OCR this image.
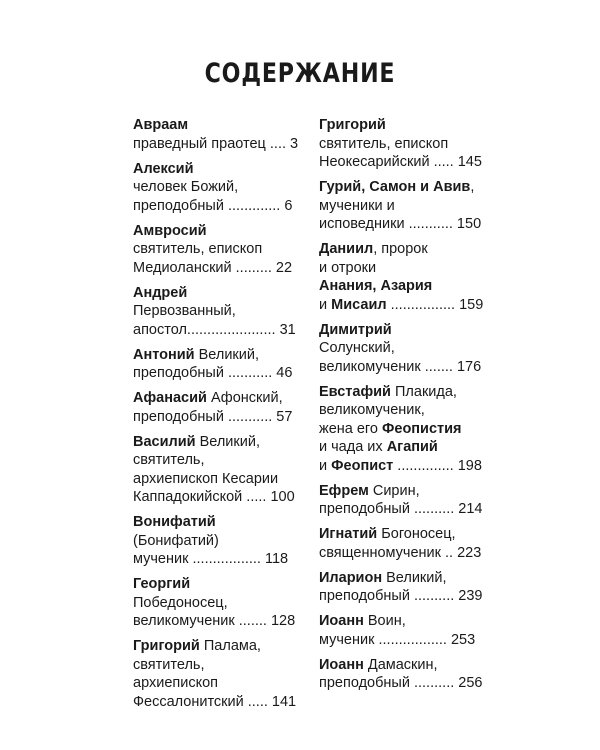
СОДЕРЖАНИЕ
Авраам
праведный праотец .... 3
Алексий
человек Божий,
преподобный ............. 6
Амвросий
святитель, епископ
Медиоланский ......... 22
Андрей
Первозванный,
апостол...................... 31
Антоний Великий,
преподобный ........... 46
Афанасий Афонский,
преподобный ........... 57
Василий Великий,
святитель,
архиепископ Кесарии
Каппадокийской ..... 100
Вонифатий
(Бонифатий)
мученик ................. 118
Георгий
Победоносец,
великомученик ....... 128
Григорий Палама,
святитель,
архиепископ
Фессалонитский ..... 141
Григорий
святитель, епископ
Неокесарийский ..... 145
Гурий, Самон и Авив,
мученики и
исповедники ........... 150
Даниил, пророк
и отроки
Анания, Азария
и Мисаил ................ 159
Димитрий
Солунский,
великомученик ....... 176
Евстафий Плакида,
великомученик,
жена его Феопистия
и чада их Агапий
и Феопист .............. 198
Ефрем Сирин,
преподобный .......... 214
Игнатий Богоносец,
священномученик .. 223
Иларион Великий,
преподобный .......... 239
Иоанн Воин,
мученик ................. 253
Иоанн Дамаскин,
преподобный .......... 256
